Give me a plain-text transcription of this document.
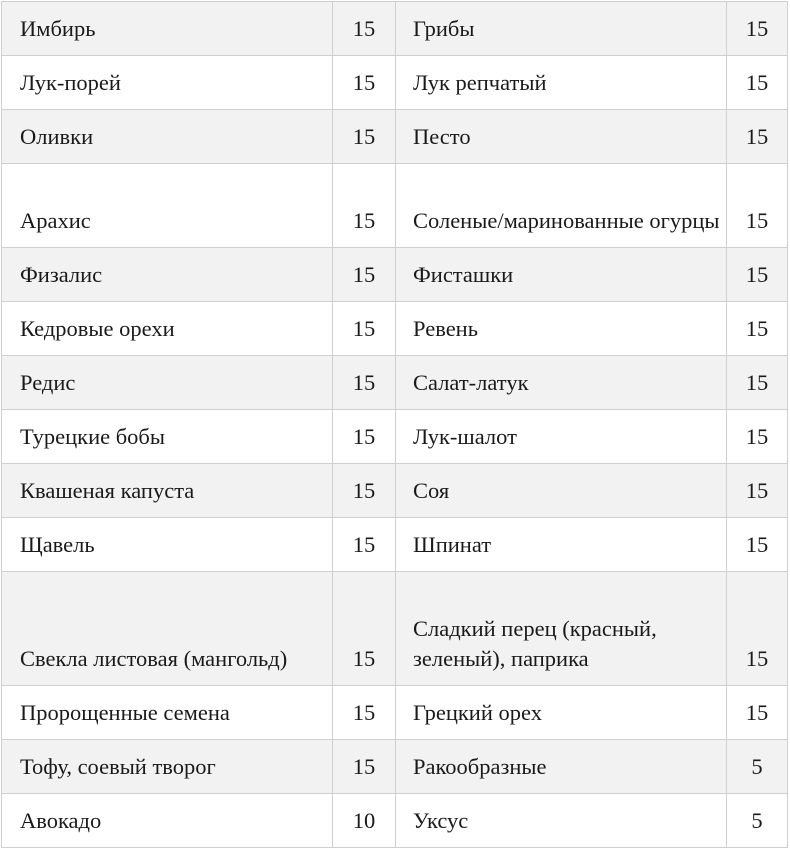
Имбирь	15	Грибы	15

Лук-порей	15	Лук репчатый	15

Оливки	15	Песто	15

Арахис	15	Соленые/маринованные огурцы	15

Физалис	15	Фисташки	15

Кедровые орехи	15	Ревень	15

Редис	15	Салат-латук	15

Турецкие бобы	15	Лук-шалот	15

Квашеная капуста	15	Соя	15

Щавель	15	Шпинат	15

Свекла листовая (мангольд)	15	Сладкий перец (красный, зеленый), паприка	15

Пророщенные семена	15	Грецкий орех	15

Тофу, соевый творог	15	Ракообразные	5

Авокадо	10	Уксус	5
